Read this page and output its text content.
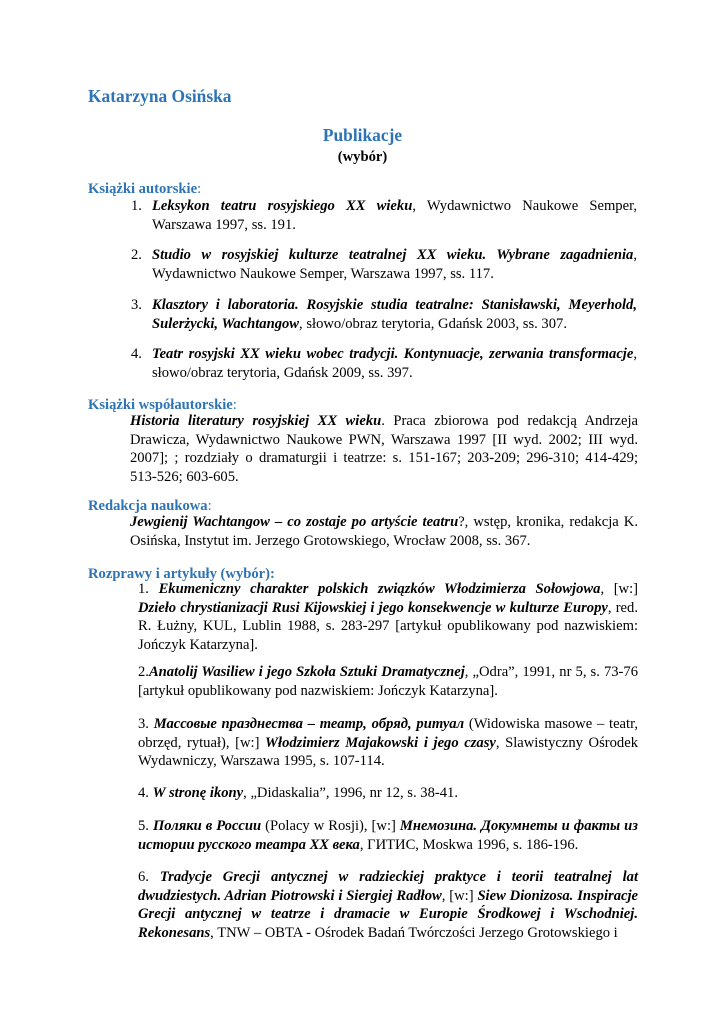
Katarzyna Osińska
Publikacje
(wybór)
Książki autorskie:
1. Leksykon teatru rosyjskiego XX wieku, Wydawnictwo Naukowe Semper, Warszawa 1997, ss. 191.
2. Studio w rosyjskiej kulturze teatralnej XX wieku. Wybrane zagadnienia, Wydawnictwo Naukowe Semper, Warszawa 1997, ss. 117.
3. Klasztory i laboratoria. Rosyjskie studia teatralne: Stanisławski, Meyerhold, Sulerżycki, Wachtangow, słowo/obraz terytoria, Gdańsk 2003, ss. 307.
4. Teatr rosyjski XX wieku wobec tradycji. Kontynuacje, zerwania transformacje, słowo/obraz terytoria, Gdańsk 2009, ss. 397.
Książki współautorskie:
Historia literatury rosyjskiej XX wieku. Praca zbiorowa pod redakcją Andrzeja Drawicza, Wydawnictwo Naukowe PWN, Warszawa 1997 [II wyd. 2002; III wyd. 2007]; ; rozdziały o dramaturgii i teatrze: s. 151-167; 203-209; 296-310; 414-429; 513-526; 603-605.
Redakcja naukowa:
Jewgienij Wachtangow – co zostaje po artyście teatru?, wstęp, kronika, redakcja K. Osińska, Instytut im. Jerzego Grotowskiego, Wrocław 2008, ss. 367.
Rozprawy i artykuły (wybór):
1. Ekumeniczny charakter polskich związków Włodzimierza Sołowjowa, [w:] Dzieło chrystianizacji Rusi Kijowskiej i jego konsekwencje w kulturze Europy, red. R. Łużny, KUL, Lublin 1988, s. 283-297 [artykuł opublikowany pod nazwiskiem: Jończyk Katarzyna].
2.Anatolij Wasiliew i jego Szkoła Sztuki Dramatycznej, „Odra”, 1991, nr 5, s. 73-76 [artykuł opublikowany pod nazwiskiem: Jończyk Katarzyna].
3. Массовые празднества – театр, обряд, ритуал (Widowiska masowe – teatr, obrzęd, rytuał), [w:] Włodzimierz Majakowski i jego czasy, Slawistyczny Ośrodek Wydawniczy, Warszawa 1995, s. 107-114.
4. W stronę ikony, „Didaskalia”, 1996, nr 12, s. 38-41.
5. Поляки в России (Polacy w Rosji), [w:] Мнемозина. Докумнеты и факты из истории русского театра XX века, ГИТИС, Moskwa 1996, s. 186-196.
6. Tradycje Grecji antycznej w radzieckiej praktyce i teorii teatralnej lat dwudziestych. Adrian Piotrowski i Siergiej Radłow, [w:] Siew Dionizosa. Inspiracje Grecji antycznej w teatrze i dramacie w Europie Środkowej i Wschodniej. Rekonesans, TNW – OBTA - Ośrodek Badań Twórczości Jerzego Grotowskiego i
